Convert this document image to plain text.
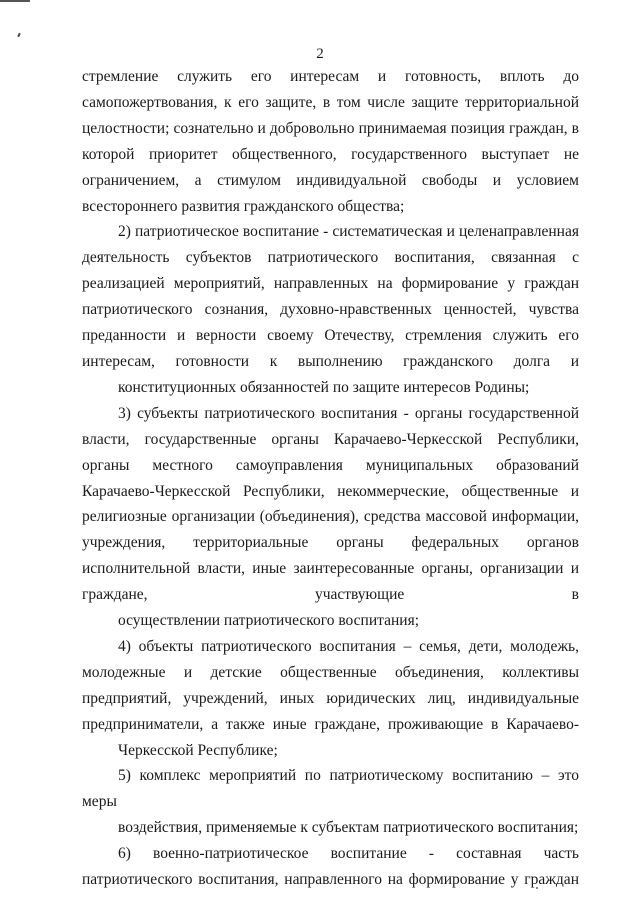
2

стремление служить его интересам и готовность, вплоть до самопожертвования, к его защите, в том числе защите территориальной целостности; сознательно и добровольно принимаемая позиция граждан, в которой приоритет общественного, государственного выступает не ограничением, а стимулом индивидуальной свободы и условием
всестороннего развития гражданского общества;

2) патриотическое воспитание - систематическая и целенаправленная деятельность субъектов патриотического воспитания, связанная с реализацией мероприятий, направленных на формирование у граждан патриотического сознания, духовно-нравственных ценностей, чувства преданности и верности своему Отечеству, стремления служить его интересам, готовности к выполнению гражданского долга и
конституционных обязанностей по защите интересов Родины;

3) субъекты патриотического воспитания - органы государственной власти, государственные органы Карачаево-Черкесской Республики, органы местного самоуправления муниципальных образований Карачаево-Черкесской Республики, некоммерческие, общественные и религиозные организации (объединения), средства массовой информации, учреждения, территориальные органы федеральных органов исполнительной власти, иные заинтересованные органы, организации и граждане, участвующие в
осуществлении патриотического воспитания;

4) объекты патриотического воспитания – семья, дети, молодежь, молодежные и детские общественные объединения, коллективы предприятий, учреждений, иных юридических лиц, индивидуальные предприниматели, а также иные граждане, проживающие в Карачаево-
Черкесской Республике;

5) комплекс мероприятий по патриотическому воспитанию – это меры
воздействия, применяемые к субъектам патриотического воспитания;

6) военно-патриотическое воспитание - составная часть патриотического воспитания, направленного на формирование у граждан
